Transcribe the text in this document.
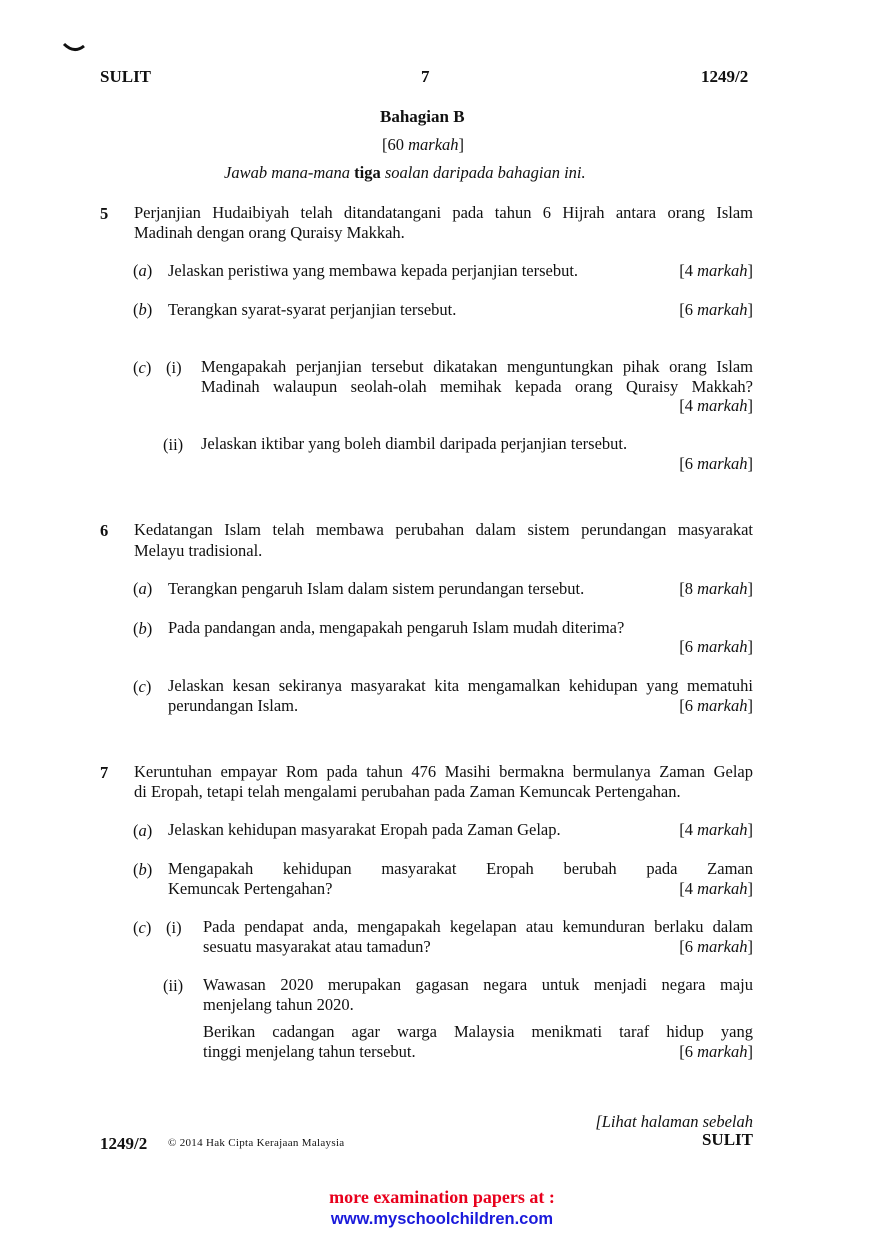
SULIT	7	1249/2
Bahagian B
[60 markah]
Jawab mana-mana tiga soalan daripada bahagian ini.
5 Perjanjian Hudaibiyah telah ditandatangani pada tahun 6 Hijrah antara orang Islam
Madinah dengan orang Quraisy Makkah.
(a) Jelaskan peristiwa yang membawa kepada perjanjian tersebut.	[4 markah]
(b) Terangkan syarat-syarat perjanjian tersebut.	[6 markah]
(c) (i) Mengapakah perjanjian tersebut dikatakan menguntungkan pihak orang Islam
Madinah walaupun seolah-olah memihak kepada orang Quraisy Makkah?
[4 markah]
(ii) Jelaskan iktibar yang boleh diambil daripada perjanjian tersebut.
[6 markah]
6 Kedatangan Islam telah membawa perubahan dalam sistem perundangan masyarakat
Melayu tradisional.
(a) Terangkan pengaruh Islam dalam sistem perundangan tersebut.	[8 markah]
(b) Pada pandangan anda, mengapakah pengaruh Islam mudah diterima?
[6 markah]
(c) Jelaskan kesan sekiranya masyarakat kita mengamalkan kehidupan yang mematuhi
perundangan Islam.	[6 markah]
7 Keruntuhan empayar Rom pada tahun 476 Masihi bermakna bermulanya Zaman Gelap
di Eropah, tetapi telah mengalami perubahan pada Zaman Kemuncak Pertengahan.
(a) Jelaskan kehidupan masyarakat Eropah pada Zaman Gelap.	[4 markah]
(b) Mengapakah kehidupan masyarakat Eropah berubah pada Zaman
Kemuncak Pertengahan?	[4 markah]
(c) (i) Pada pendapat anda, mengapakah kegelapan atau kemunduran berlaku dalam
sesuatu masyarakat atau tamadun?	[6 markah]
(ii) Wawasan 2020 merupakan gagasan negara untuk menjadi negara maju
menjelang tahun 2020.
Berikan cadangan agar warga Malaysia menikmati taraf hidup yang
tinggi menjelang tahun tersebut.	[6 markah]
[Lihat halaman sebelah
SULIT
1249/2 © 2014 Hak Cipta Kerajaan Malaysia
more examination papers at :
www.myschoolchildren.com
